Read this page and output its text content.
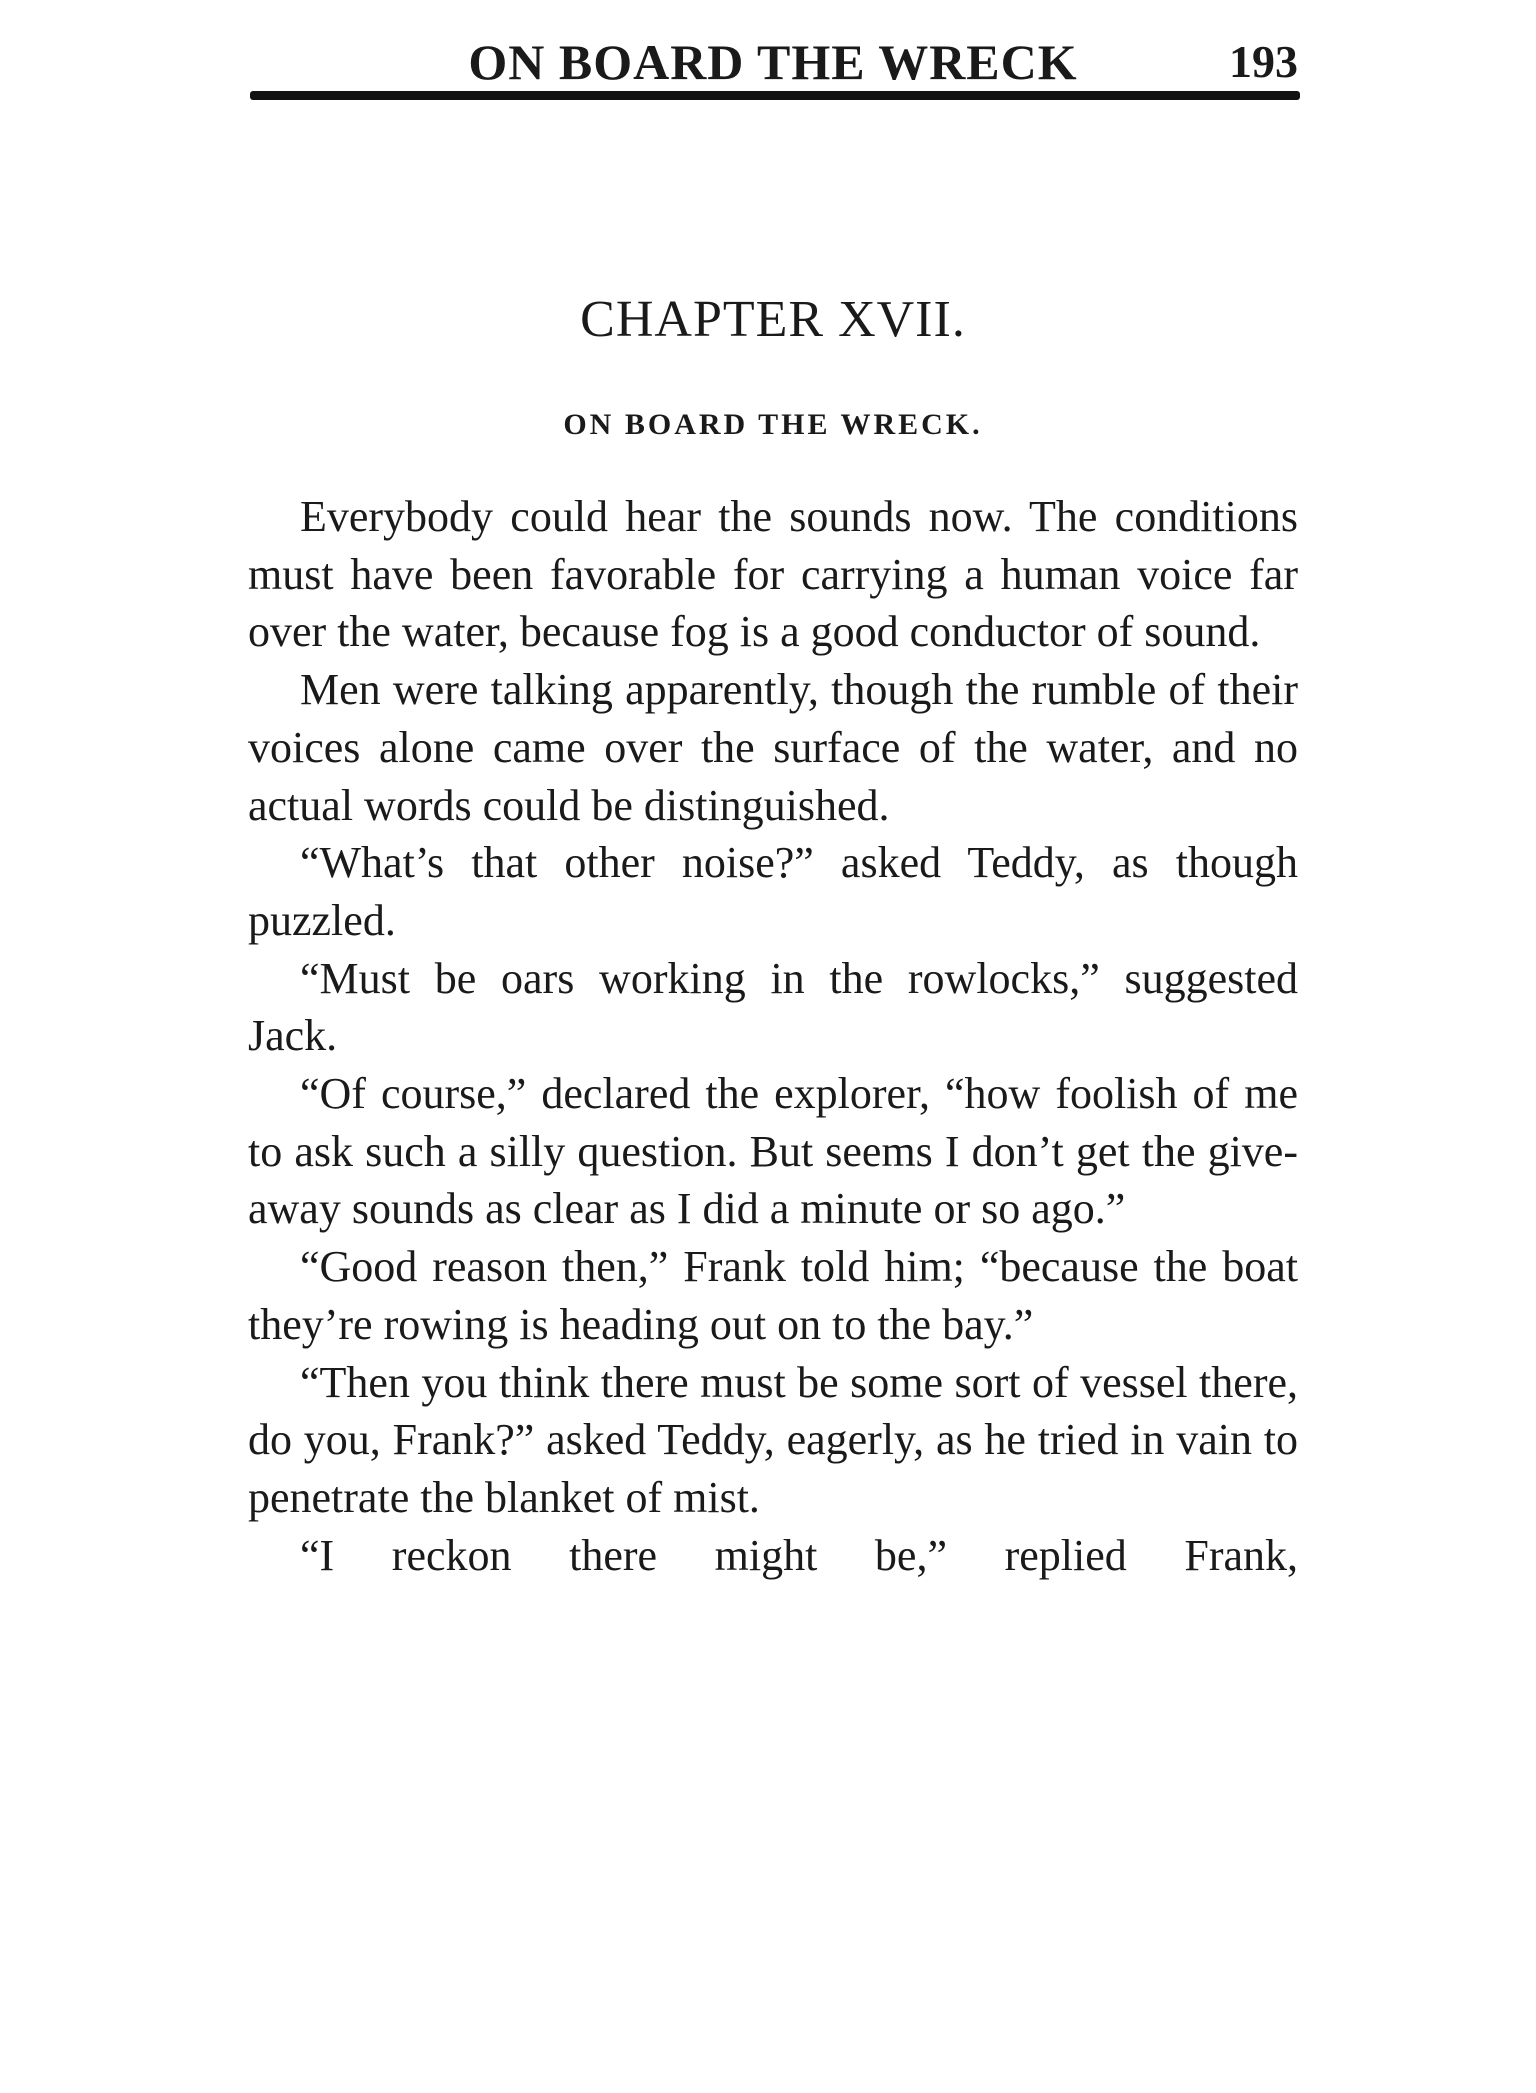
ON BOARD THE WRECK	193
CHAPTER XVII.
ON BOARD THE WRECK.

Everybody could hear the sounds now. The conditions must have been favorable for carrying a human voice far over the water, because fog is a good conductor of sound.

Men were talking apparently, though the rumble of their voices alone came over the surface of the water, and no actual words could be distinguished.

“What’s that other noise?” asked Teddy, as though puzzled.

“Must be oars working in the rowlocks,” suggested Jack.

“Of course,” declared the explorer, “how foolish of me to ask such a silly question. But seems I don’t get the give-away sounds as clear as I did a minute or so ago.”

“Good reason then,” Frank told him; “because the boat they’re rowing is heading out on to the bay.”

“Then you think there must be some sort of vessel there, do you, Frank?” asked Teddy, eagerly, as he tried in vain to penetrate the blanket of mist.

“I reckon there might be,” replied Frank,
